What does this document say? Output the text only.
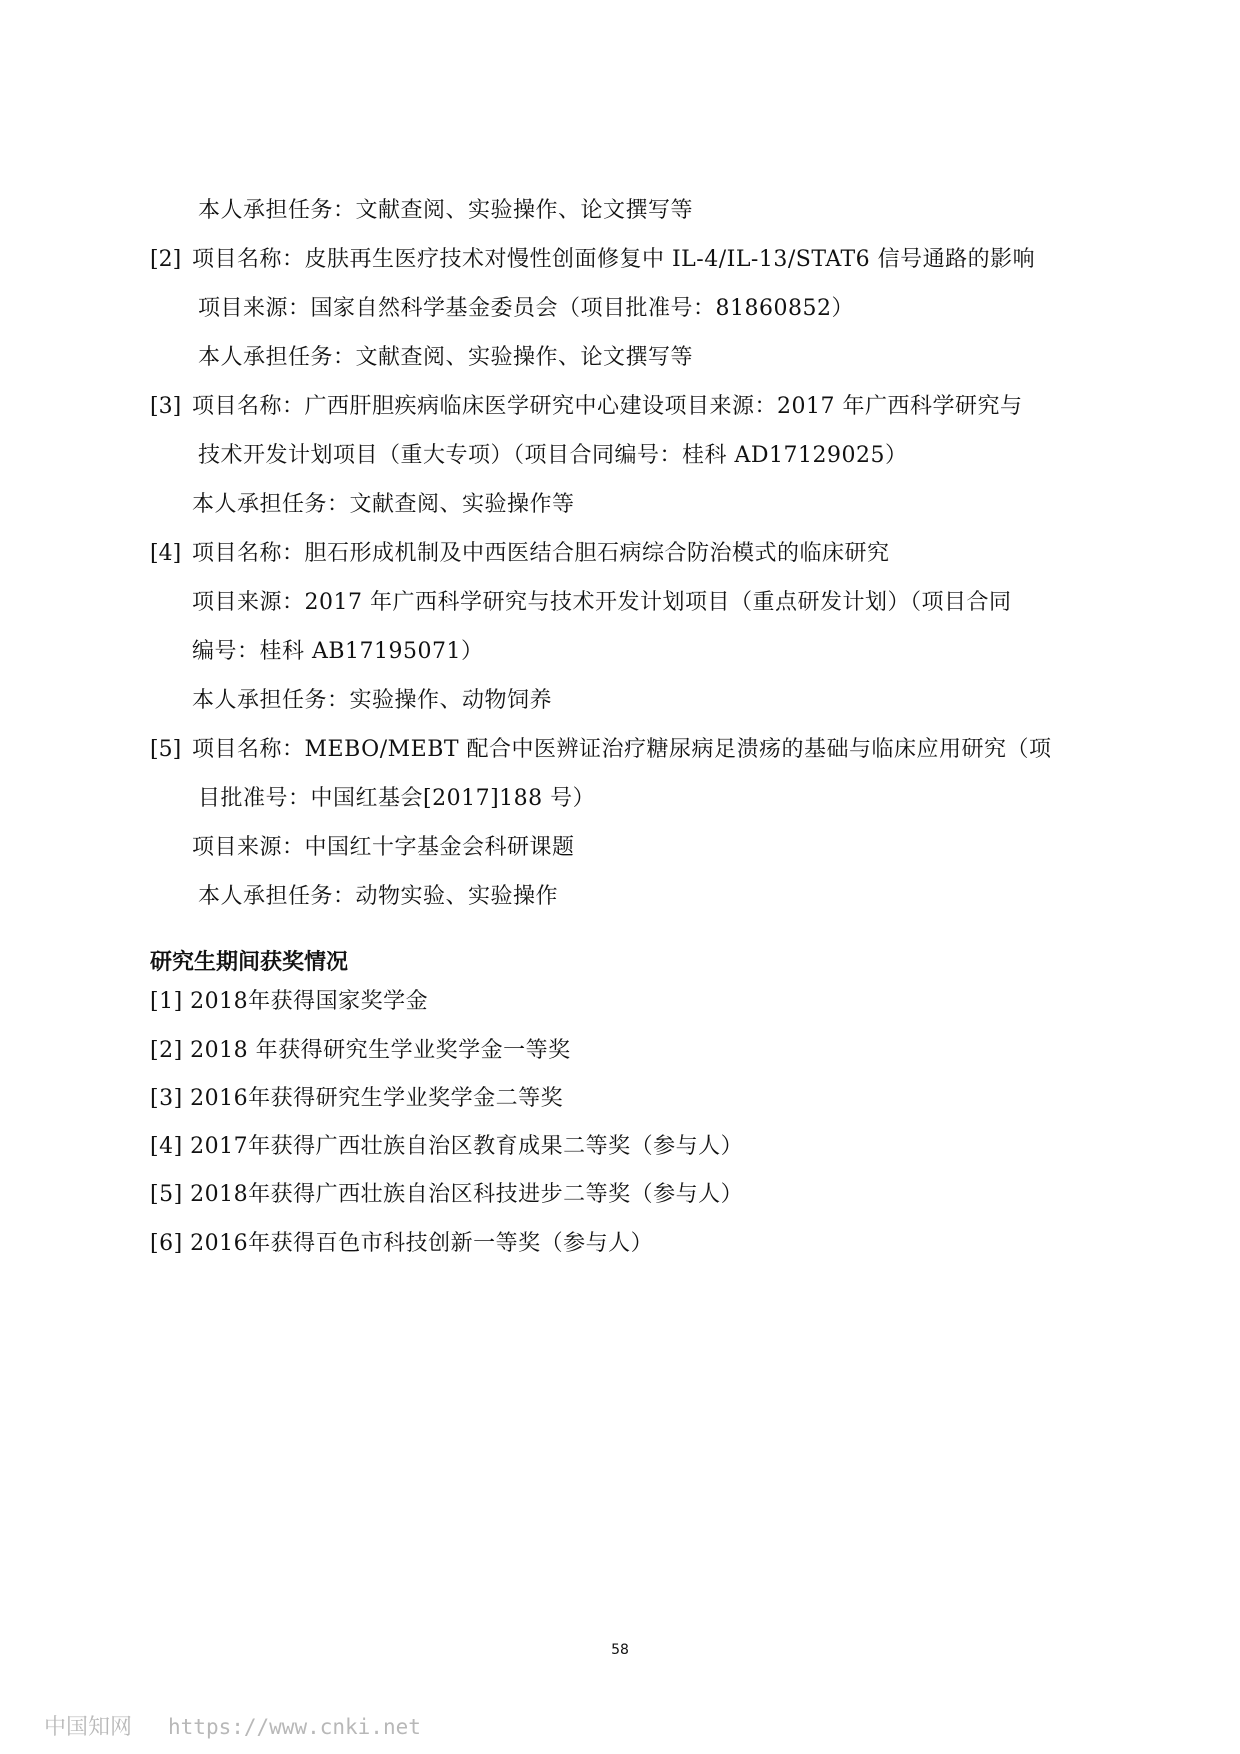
本人承担任务：文献查阅、实验操作、论文撰写等
[2] 项目名称：皮肤再生医疗技术对慢性创面修复中 IL-4/IL-13/STAT6 信号通路的影响
项目来源：国家自然科学基金委员会（项目批准号：81860852）
本人承担任务：文献查阅、实验操作、论文撰写等
[3] 项目名称：广西肝胆疾病临床医学研究中心建设项目来源：2017 年广西科学研究与
技术开发计划项目（重大专项）（项目合同编号：桂科 AD17129025）
本人承担任务：文献查阅、实验操作等
[4] 项目名称：胆石形成机制及中西医结合胆石病综合防治模式的临床研究
项目来源：2017 年广西科学研究与技术开发计划项目（重点研发计划）（项目合同
编号：桂科 AB17195071）
本人承担任务：实验操作、动物饲养
[5] 项目名称：MEBO/MEBT 配合中医辨证治疗糖尿病足溃疡的基础与临床应用研究（项
目批准号：中国红基会[2017]188 号）
项目来源：中国红十字基金会科研课题
本人承担任务：动物实验、实验操作
研究生期间获奖情况
[1] 2018年获得国家奖学金
[2] 2018 年获得研究生学业奖学金一等奖
[3] 2016年获得研究生学业奖学金二等奖
[4] 2017年获得广西壮族自治区教育成果二等奖（参与人）
[5] 2018年获得广西壮族自治区科技进步二等奖（参与人）
[6] 2016年获得百色市科技创新一等奖（参与人）
58
中国知网 https://www.cnki.net
